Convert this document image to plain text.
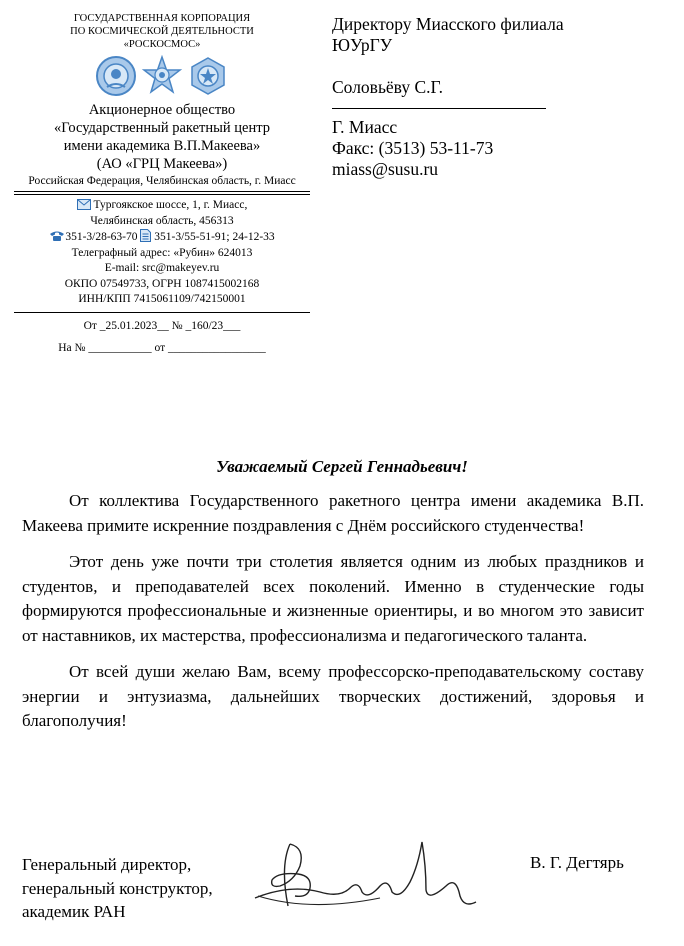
ГОСУДАРСТВЕННАЯ КОРПОРАЦИЯ
ПО КОСМИЧЕСКОЙ ДЕЯТЕЛЬНОСТИ
«РОСКОСМОС»
Акционерное общество
«Государственный ракетный центр
имени академика В.П.Макеева»
(АО «ГРЦ Макеева»)
Российская Федерация, Челябинская область, г. Миасс
Тургоякское шоссе, 1, г. Миасс,
Челябинская область, 456313
351-3/28-63-70 351-3/55-51-91; 24-12-33
Телеграфный адрес: «Рубин» 624013
E-mail: src@makeyev.ru
ОКПО 07549733, ОГРН 1087415002168
ИНН/КПП 7415061109/742150001
От _25.01.2023__ № _160/23___
На № ___________ от _________________
Директору Миасского филиала
ЮУрГУ
Соловьёву С.Г.
Г. Миасс
Факс: (3513) 53-11-73
miass@susu.ru
Уважаемый Сергей Геннадьевич!

От коллектива Государственного ракетного центра имени академика В.П. Макеева примите искренние поздравления с Днём российского студенчества!

Этот день уже почти три столетия является одним из любых праздников и студентов, и преподавателей всех поколений. Именно в студенческие годы формируются профессиональные и жизненные ориентиры, и во многом это зависит от наставников, их мастерства, профессионализма и педагогического таланта.

От всей души желаю Вам, всему профессорско-преподавательскому составу энергии и энтузиазма, дальнейших творческих достижений, здоровья и благополучия!

Генеральный директор,
генеральный конструктор,
академик РАН
В. Г. Дегтярь
